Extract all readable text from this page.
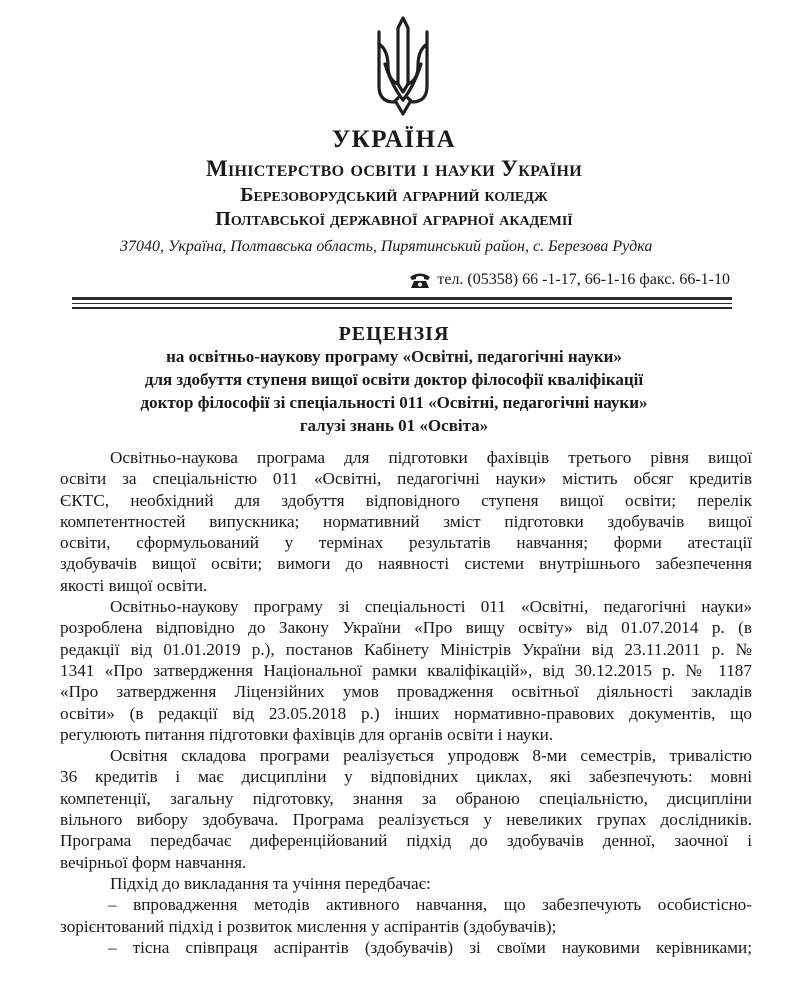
УКРАЇНА
Міністерство освіти і науки України
Березоворудський аграрний коледж
Полтавської державної аграрної академії
37040, Україна, Полтавська область, Пирятинський район, с. Березова Рудка
тел. (05358) 66 -1-17, 66-1-16 факс. 66-1-10
РЕЦЕНЗІЯ
на освітньо-наукову програму «Освітні, педагогічні науки»
для здобуття ступеня вищої освіти доктор філософії кваліфікації
доктор філософії зі спеціальності 011 «Освітні, педагогічні науки»
галузі знань 01 «Освіта»
Освітньо-наукова програма для підготовки фахівців третього рівня вищої
освіти за спеціальністю 011 «Освітні, педагогічні науки» містить обсяг кредитів
ЄКТС, необхідний для здобуття відповідного ступеня вищої освіти; перелік
компетентностей випускника; нормативний зміст підготовки здобувачів вищої
освіти, сформульований у термінах результатів навчання; форми атестації
здобувачів вищої освіти; вимоги до наявності системи внутрішнього забезпечення
якості вищої освіти.
Освітньо-наукову програму зі спеціальності 011 «Освітні, педагогічні науки»
розроблена відповідно до Закону України «Про вищу освіту» від 01.07.2014 р. (в
редакції від 01.01.2019 р.), постанов Кабінету Міністрів України від 23.11.2011 р. №
1341 «Про затвердження Національної рамки кваліфікацій», від 30.12.2015 р. № 1187
«Про затвердження Ліцензійних умов провадження освітньої діяльності закладів
освіти» (в редакції від 23.05.2018 р.) інших нормативно-правових документів, що
регулюють питання підготовки фахівців для органів освіти і науки.
Освітня складова програми реалізується упродовж 8-ми семестрів, тривалістю
36 кредитів і має дисципліни у відповідних циклах, які забезпечують: мовні
компетенції, загальну підготовку, знання за обраною спеціальністю, дисципліни
вільного вибору здобувача. Програма реалізується у невеликих групах дослідників.
Програма передбачає диференційований підхід до здобувачів денної, заочної і
вечірньої форм навчання.
Підхід до викладання та учіння передбачає:
– впровадження методів активного навчання, що забезпечують особистісно-
зорієнтований підхід і розвиток мислення у аспірантів (здобувачів);
– тісна співпраця аспірантів (здобувачів) зі своїми науковими керівниками;
